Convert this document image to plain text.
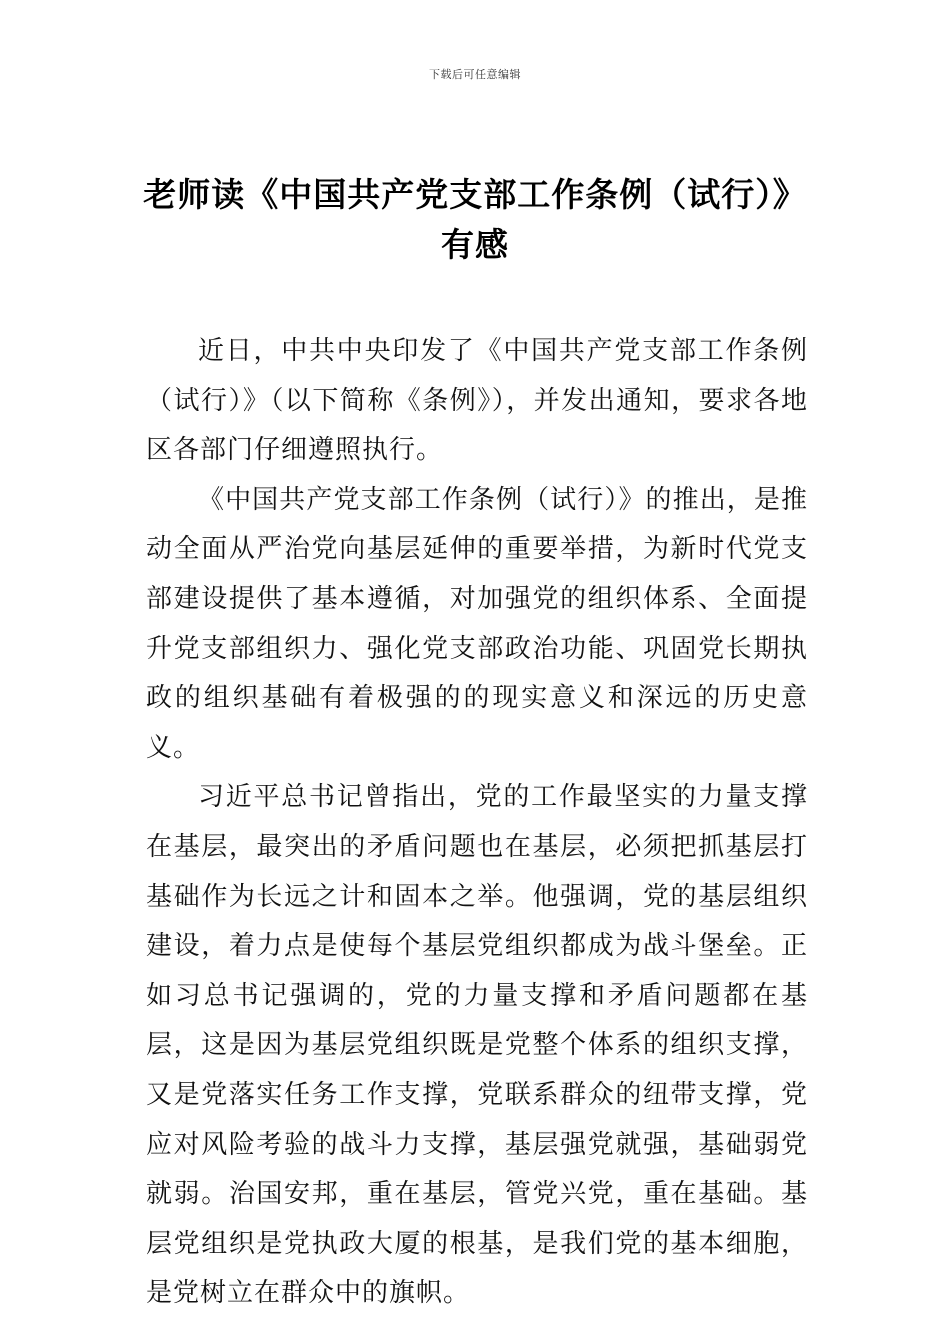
下载后可任意编辑
老师读《中国共产党支部工作条例（试行）》有感

近日，中共中央印发了《中国共产党支部工作条例（试行）》（以下简称《条例》），并发出通知，要求各地区各部门仔细遵照执行。

《中国共产党支部工作条例（试行）》的推出，是推动全面从严治党向基层延伸的重要举措，为新时代党支部建设提供了基本遵循，对加强党的组织体系、全面提升党支部组织力、强化党支部政治功能、巩固党长期执政的组织基础有着极强的的现实意义和深远的历史意义。

习近平总书记曾指出，党的工作最坚实的力量支撑在基层，最突出的矛盾问题也在基层，必须把抓基层打基础作为长远之计和固本之举。他强调，党的基层组织建设，着力点是使每个基层党组织都成为战斗堡垒。正如习总书记强调的，党的力量支撑和矛盾问题都在基层，这是因为基层党组织既是党整个体系的组织支撑，又是党落实任务工作支撑，党联系群众的纽带支撑，党应对风险考验的战斗力支撑，基层强党就强，基础弱党就弱。治国安邦，重在基层，管党兴党，重在基础。基层党组织是党执政大厦的根基，是我们党的基本细胞，是党树立在群众中的旗帜。
